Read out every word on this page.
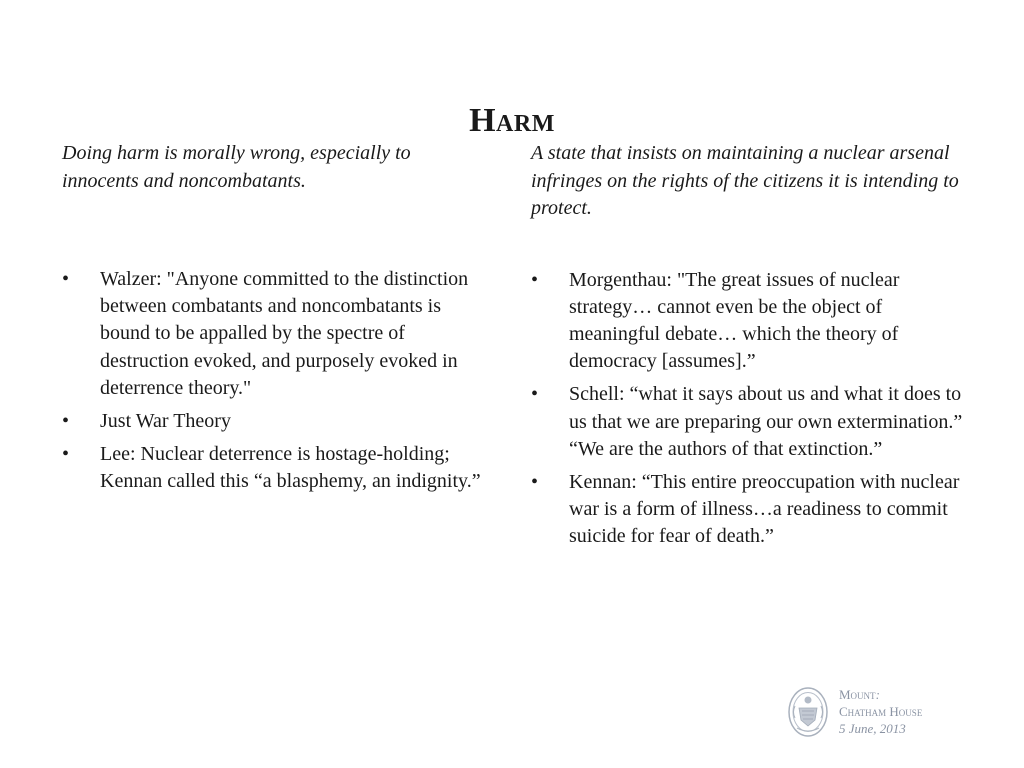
Harm

Doing harm is morally wrong, especially to innocents and noncombatants.

•	Walzer: "Anyone committed to the distinction between combatants and noncombatants is bound to be appalled by the spectre of destruction evoked, and purposely evoked in deterrence theory."
•	Just War Theory
•	Lee: Nuclear deterrence is hostage-holding; Kennan called this “a blasphemy, an indignity.”

A state that insists on maintaining a nuclear arsenal infringes on the rights of the citizens it is intending to protect.

•	Morgenthau: "The great issues of nuclear strategy… cannot even be the object of meaningful debate… which the theory of democracy [assumes].”
•	Schell: “what it says about us and what it does to us that we are preparing our own extermination.” “We are the authors of that extinction.”
•	Kennan: “This entire preoccupation with nuclear war is a form of illness…a readiness to commit suicide for fear of death.”
Mount:
Chatham House
5 June, 2013
